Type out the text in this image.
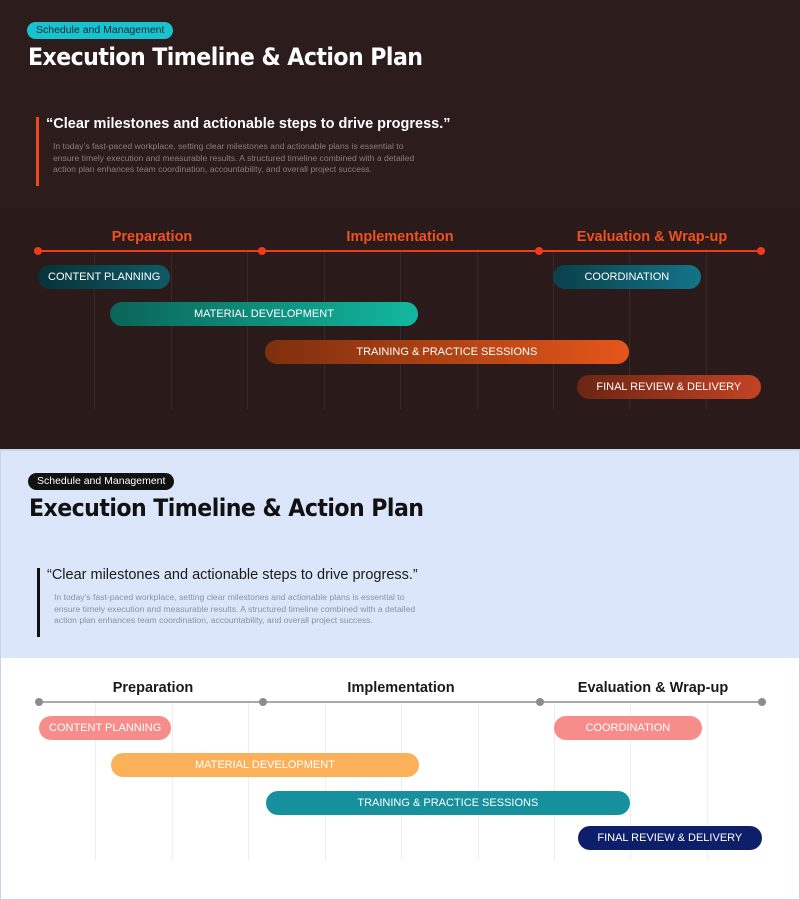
Schedule and Management
Execution Timeline & Action Plan
“Clear milestones and actionable steps to drive progress.”
In today’s fast-paced workplace, setting clear milestones and actionable plans is essential to ensure timely execution and measurable results. A structured timeline combined with a detailed action plan enhances team coordination, accountability, and overall project success.
Preparation	Implementation	Evaluation & Wrap-up
CONTENT PLANNING
MATERIAL DEVELOPMENT
TRAINING & PRACTICE SESSIONS
COORDINATION
FINAL REVIEW & DELIVERY
Schedule and Management
Execution Timeline & Action Plan
“Clear milestones and actionable steps to drive progress.”
In today’s fast-paced workplace, setting clear milestones and actionable plans is essential to ensure timely execution and measurable results. A structured timeline combined with a detailed action plan enhances team coordination, accountability, and overall project success.
Preparation	Implementation	Evaluation & Wrap-up
CONTENT PLANNING
MATERIAL DEVELOPMENT
TRAINING & PRACTICE SESSIONS
COORDINATION
FINAL REVIEW & DELIVERY
